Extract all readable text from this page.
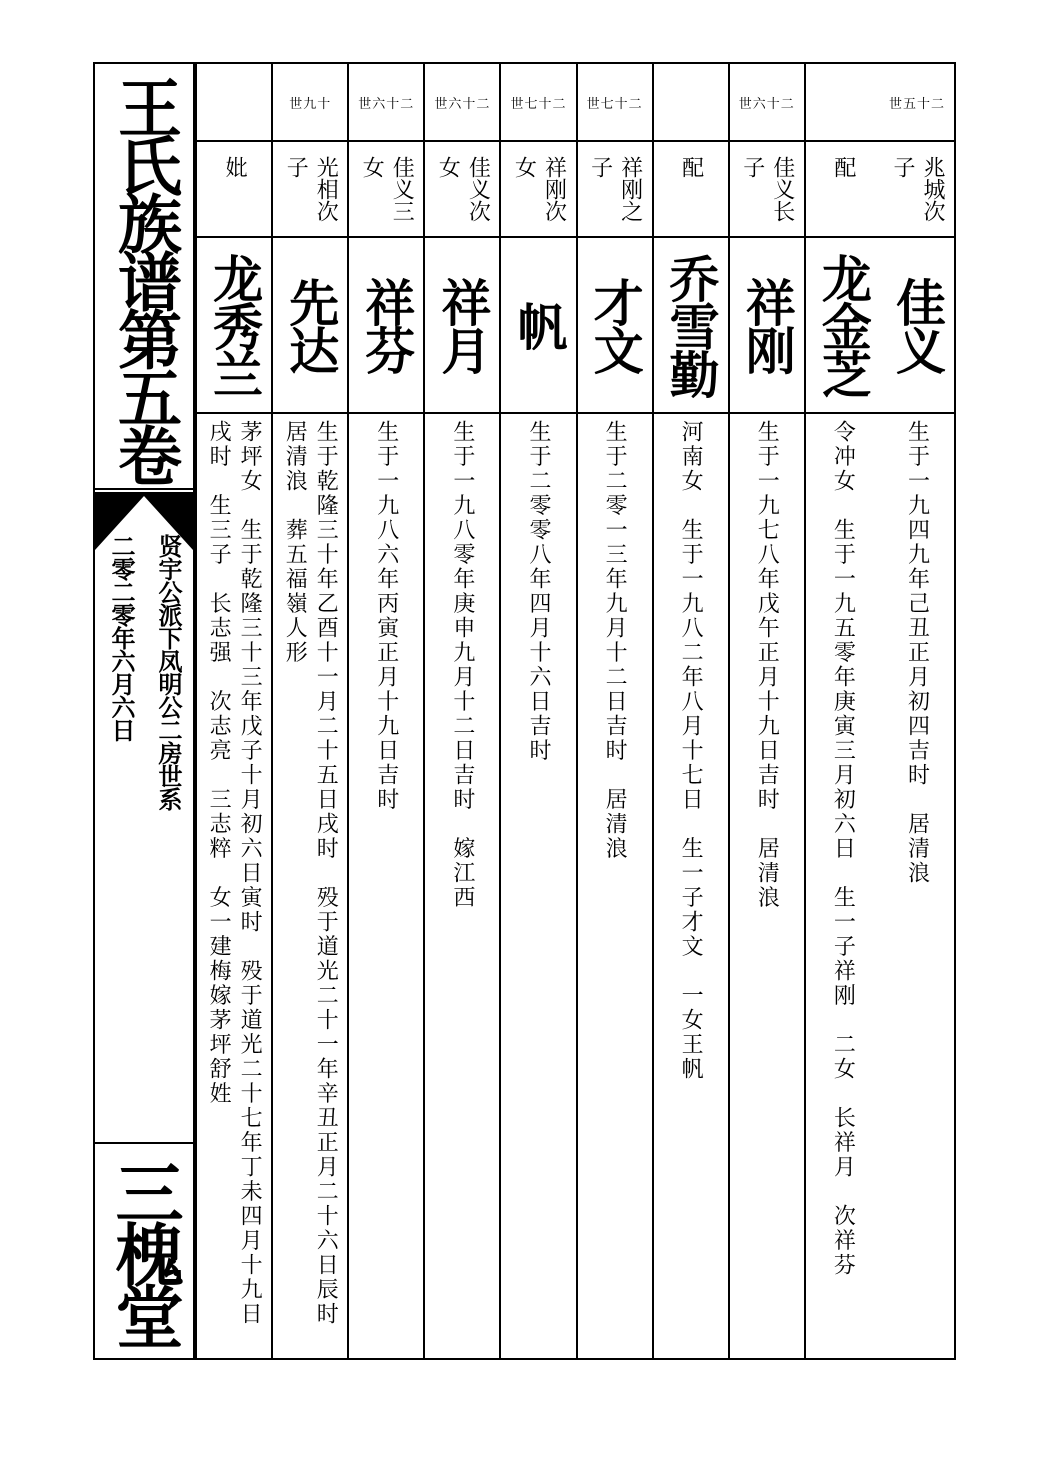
王氏族谱第五卷
贤宇公派下凤明公二房世系
二零二零年六月六日
三槐堂
世五十二
兆城次子
佳义
生于一九四九年己丑正月初四吉时　居清浪
配
龙金芝
令冲女　生于一九五零年庚寅三月初六日　生一子祥刚　二女　长祥月　次祥芬
世六十二
佳义长子
祥刚
生于一九七八年戊午正月十九日吉时　居清浪
配
乔雪勤
河南女　生于一九八二年八月十七日　生一子才文　一女王帆
世七十二
祥刚之子
才文
生于二零一三年九月十二日吉时　居清浪
世七十二
祥刚次女
帆
生于二零零八年四月十六日吉时
世六十二
佳义次女
祥月
生于一九八零年庚申九月十二日吉时　嫁江西
世六十二
佳义三女
祥芬
生于一九八六年丙寅正月十九日吉时
世九十
光相次子
先达
生于乾隆三十年乙酉十一月二十五日戌时　殁于道光二十一年辛丑正月二十六日辰时　居清浪　葬五福嶺人形
妣
龙秀兰
茅坪女　生于乾隆三十三年戊子十月初六日寅时　殁于道光二十七年丁未四月十九日戌时　生三子　长志强　次志亮　三志粹　女一建梅嫁茅坪舒姓
